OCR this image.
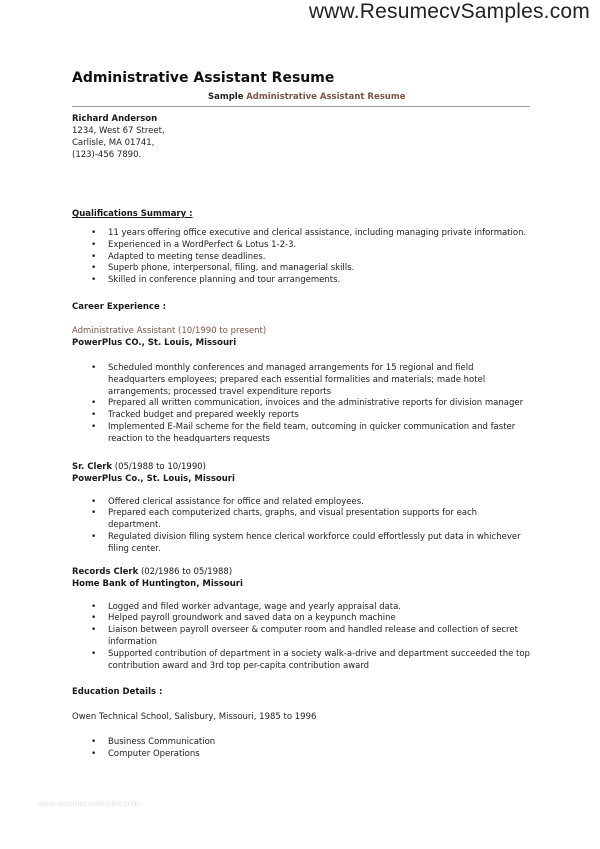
www.ResumecvSamples.com
Administrative Assistant Resume
Sample Administrative Assistant Resume
Richard Anderson
1234, West 67 Street,
Carlisle, MA 01741,
(123)-456 7890.
Qualifications Summary :
• 11 years offering office executive and clerical assistance, including managing private information.
• Experienced in a WordPerfect & Lotus 1-2-3.
• Adapted to meeting tense deadlines.
• Superb phone, interpersonal, filing, and managerial skills.
• Skilled in conference planning and tour arrangements.
Career Experience :
Administrative Assistant (10/1990 to present)
PowerPlus CO., St. Louis, Missouri
• Scheduled monthly conferences and managed arrangements for 15 regional and field headquarters employees; prepared each essential formalities and materials; made hotel arrangements; processed travel expenditure reports
• Prepared all written communication, invoices and the administrative reports for division manager
• Tracked budget and prepared weekly reports
• Implemented E-Mail scheme for the field team, outcoming in quicker communication and faster reaction to the headquarters requests
Sr. Clerk (05/1988 to 10/1990)
PowerPlus Co., St. Louis, Missouri
• Offered clerical assistance for office and related employees.
• Prepared each computerized charts, graphs, and visual presentation supports for each department.
• Regulated division filing system hence clerical workforce could effortlessly put data in whichever filing center.
Records Clerk (02/1986 to 05/1988)
Home Bank of Huntington, Missouri
• Logged and filed worker advantage, wage and yearly appraisal data.
• Helped payroll groundwork and saved data on a keypunch machine
• Liaison between payroll overseer & computer room and handled release and collection of secret information
• Supported contribution of department in a society walk-a-drive and department succeeded the top contribution award and 3rd top per-capita contribution award
Education Details :
Owen Technical School, Salisbury, Missouri, 1985 to 1996
• Business Communication
• Computer Operations
www.resumecvsamples.com
